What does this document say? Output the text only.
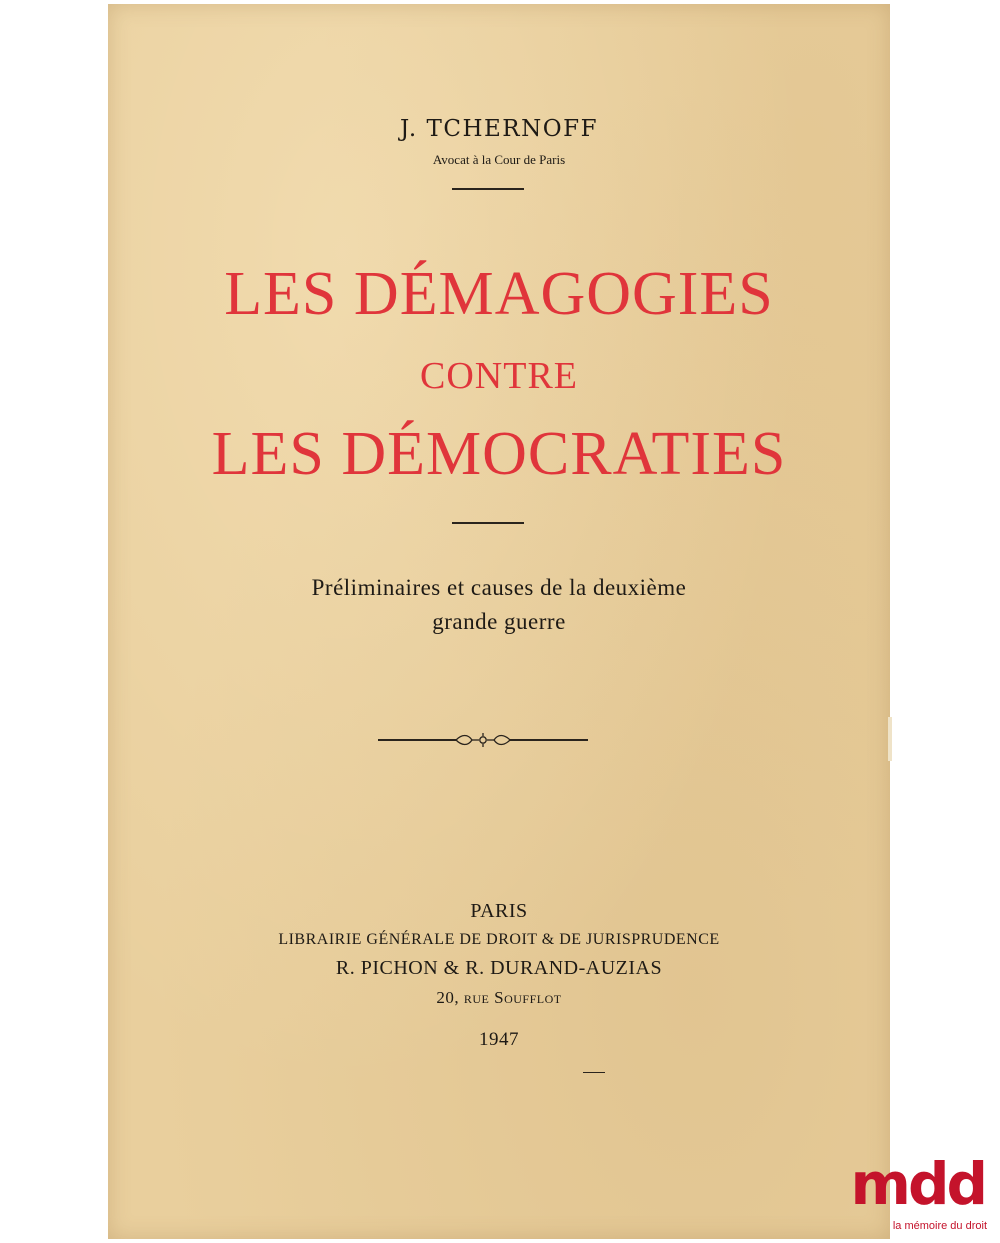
J. TCHERNOFF
Avocat à la Cour de Paris
LES DÉMAGOGIES
CONTRE
LES DÉMOCRATIES
Préliminaires et causes de la deuxième
grande guerre
PARIS
LIBRAIRIE GÉNÉRALE DE DROIT & DE JURISPRUDENCE
R. PICHON & R. DURAND-AUZIAS
20, rue Soufflot
1947
mdd
la mémoire du droit
